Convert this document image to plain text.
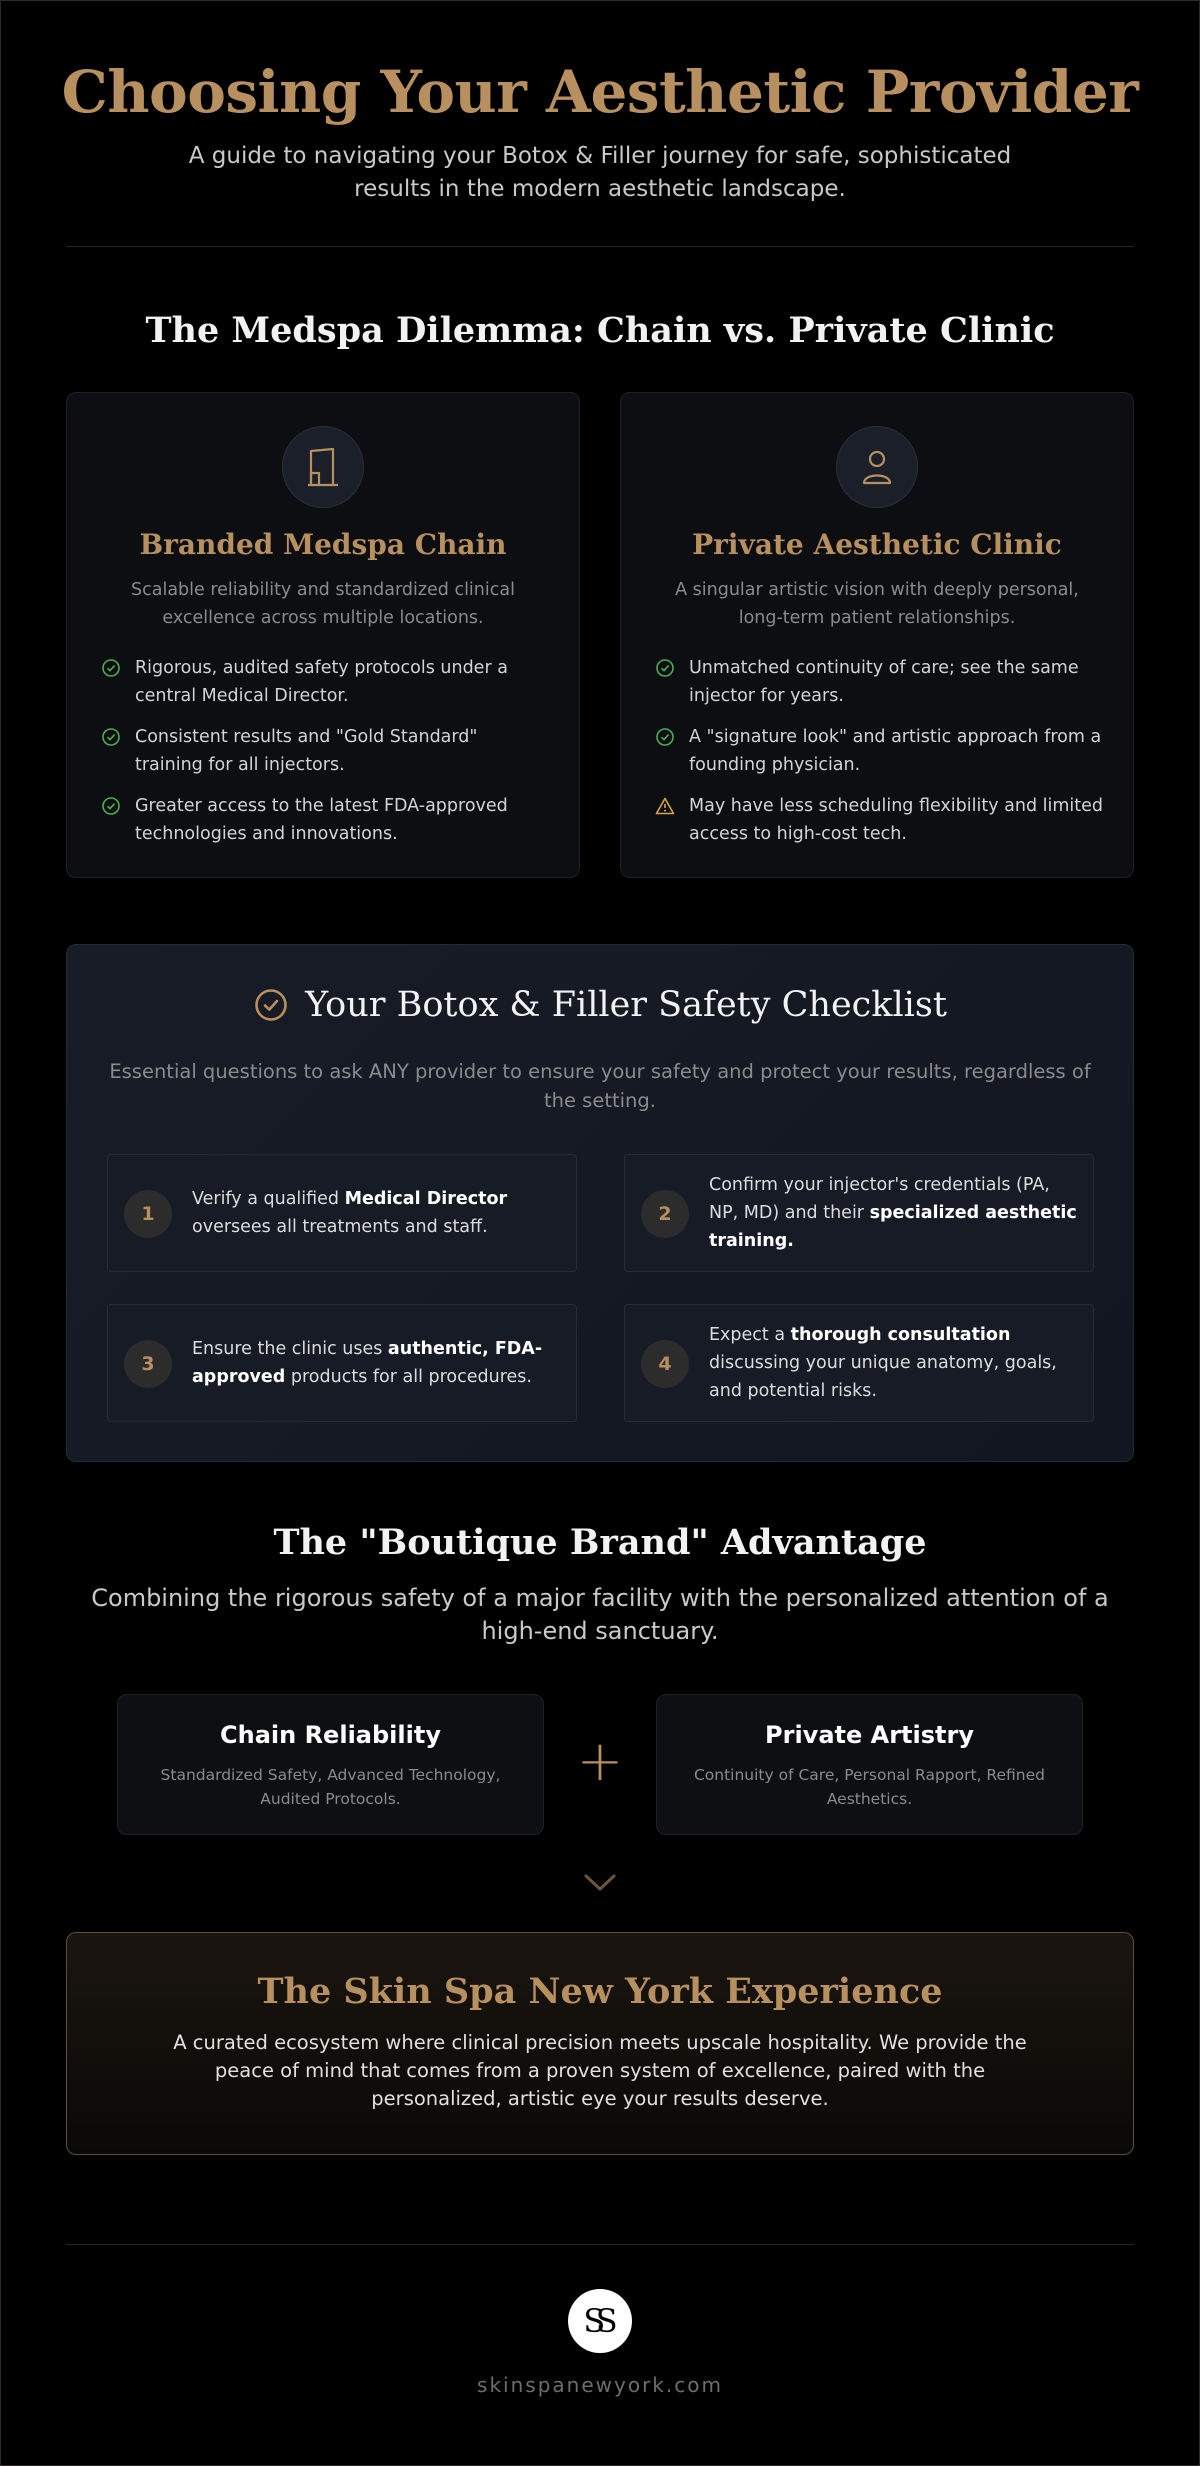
Choosing Your Aesthetic Provider

A guide to navigating your Botox & Filler journey for safe, sophisticated results in the modern aesthetic landscape.

The Medspa Dilemma: Chain vs. Private Clinic
Branded Medspa Chain
Scalable reliability and standardized clinical excellence across multiple locations.
Rigorous, audited safety protocols under a central Medical Director.
Consistent results and "Gold Standard" training for all injectors.
Greater access to the latest FDA-approved technologies and innovations.
Private Aesthetic Clinic
A singular artistic vision with deeply personal, long-term patient relationships.
Unmatched continuity of care; see the same injector for years.
A "signature look" and artistic approach from a founding physician.
May have less scheduling flexibility and limited access to high-cost tech.
Your Botox & Filler Safety Checklist
Essential questions to ask ANY provider to ensure your safety and protect your results, regardless of the setting.
1
Verify a qualified Medical Director oversees all treatments and staff.
2
Confirm your injector's credentials (PA, NP, MD) and their specialized aesthetic training.
3
Ensure the clinic uses authentic, FDA-approved products for all procedures.
4
Expect a thorough consultation discussing your unique anatomy, goals, and potential risks.
The "Boutique Brand" Advantage

Combining the rigorous safety of a major facility with the personalized attention of a high-end sanctuary.

Chain Reliability
Standardized Safety, Advanced Technology, Audited Protocols.
+	Private Artistry
Continuity of Care, Personal Rapport, Refined Aesthetics.
The Skin Spa New York Experience
A curated ecosystem where clinical precision meets upscale hospitality. We provide the peace of mind that comes from a proven system of excellence, paired with the personalized, artistic eye your results deserve.
SS
skinspanewyork.com
